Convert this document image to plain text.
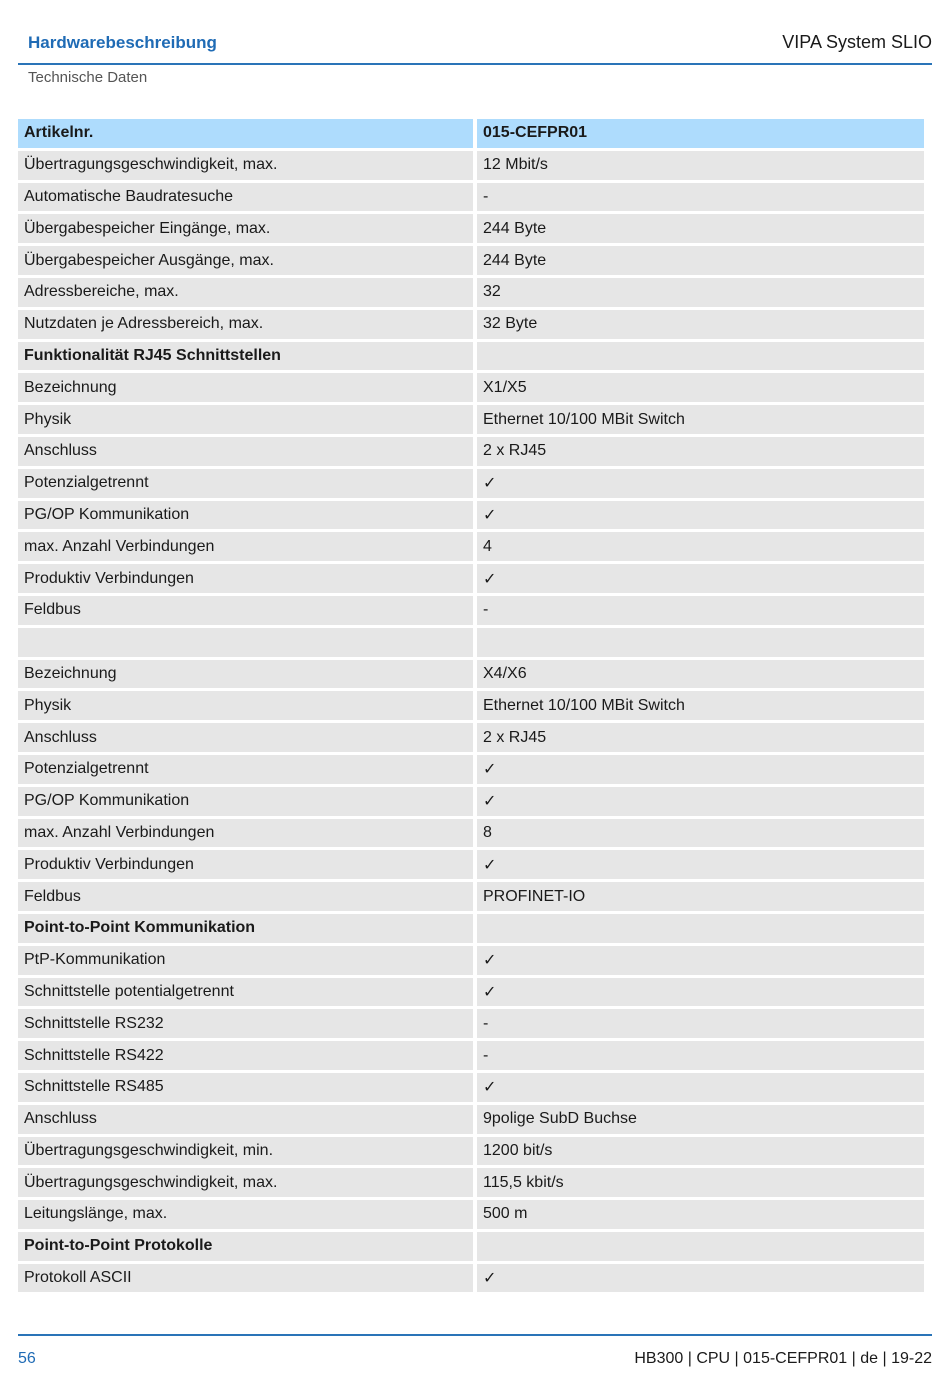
Hardwarebeschreibung	VIPA System SLIO
Technische Daten
Artikelnr.	015-CEFPR01
Übertragungsgeschwindigkeit, max.	12 Mbit/s
Automatische Baudratesuche	-
Übergabespeicher Eingänge, max.	244 Byte
Übergabespeicher Ausgänge, max.	244 Byte
Adressbereiche, max.	32
Nutzdaten je Adressbereich, max.	32 Byte
Funktionalität RJ45 Schnittstellen	
Bezeichnung	X1/X5
Physik	Ethernet 10/100 MBit Switch
Anschluss	2 x RJ45
Potenzialgetrennt	✓
PG/OP Kommunikation	✓
max. Anzahl Verbindungen	4
Produktiv Verbindungen	✓
Feldbus	-

Bezeichnung	X4/X6
Physik	Ethernet 10/100 MBit Switch
Anschluss	2 x RJ45
Potenzialgetrennt	✓
PG/OP Kommunikation	✓
max. Anzahl Verbindungen	8
Produktiv Verbindungen	✓
Feldbus	PROFINET-IO
Point-to-Point Kommunikation	
PtP-Kommunikation	✓
Schnittstelle potentialgetrennt	✓
Schnittstelle RS232	-
Schnittstelle RS422	-
Schnittstelle RS485	✓
Anschluss	9polige SubD Buchse
Übertragungsgeschwindigkeit, min.	1200 bit/s
Übertragungsgeschwindigkeit, max.	115,5 kbit/s
Leitungslänge, max.	500 m
Point-to-Point Protokolle	
Protokoll ASCII	✓
56	HB300 | CPU | 015-CEFPR01 | de | 19-22
